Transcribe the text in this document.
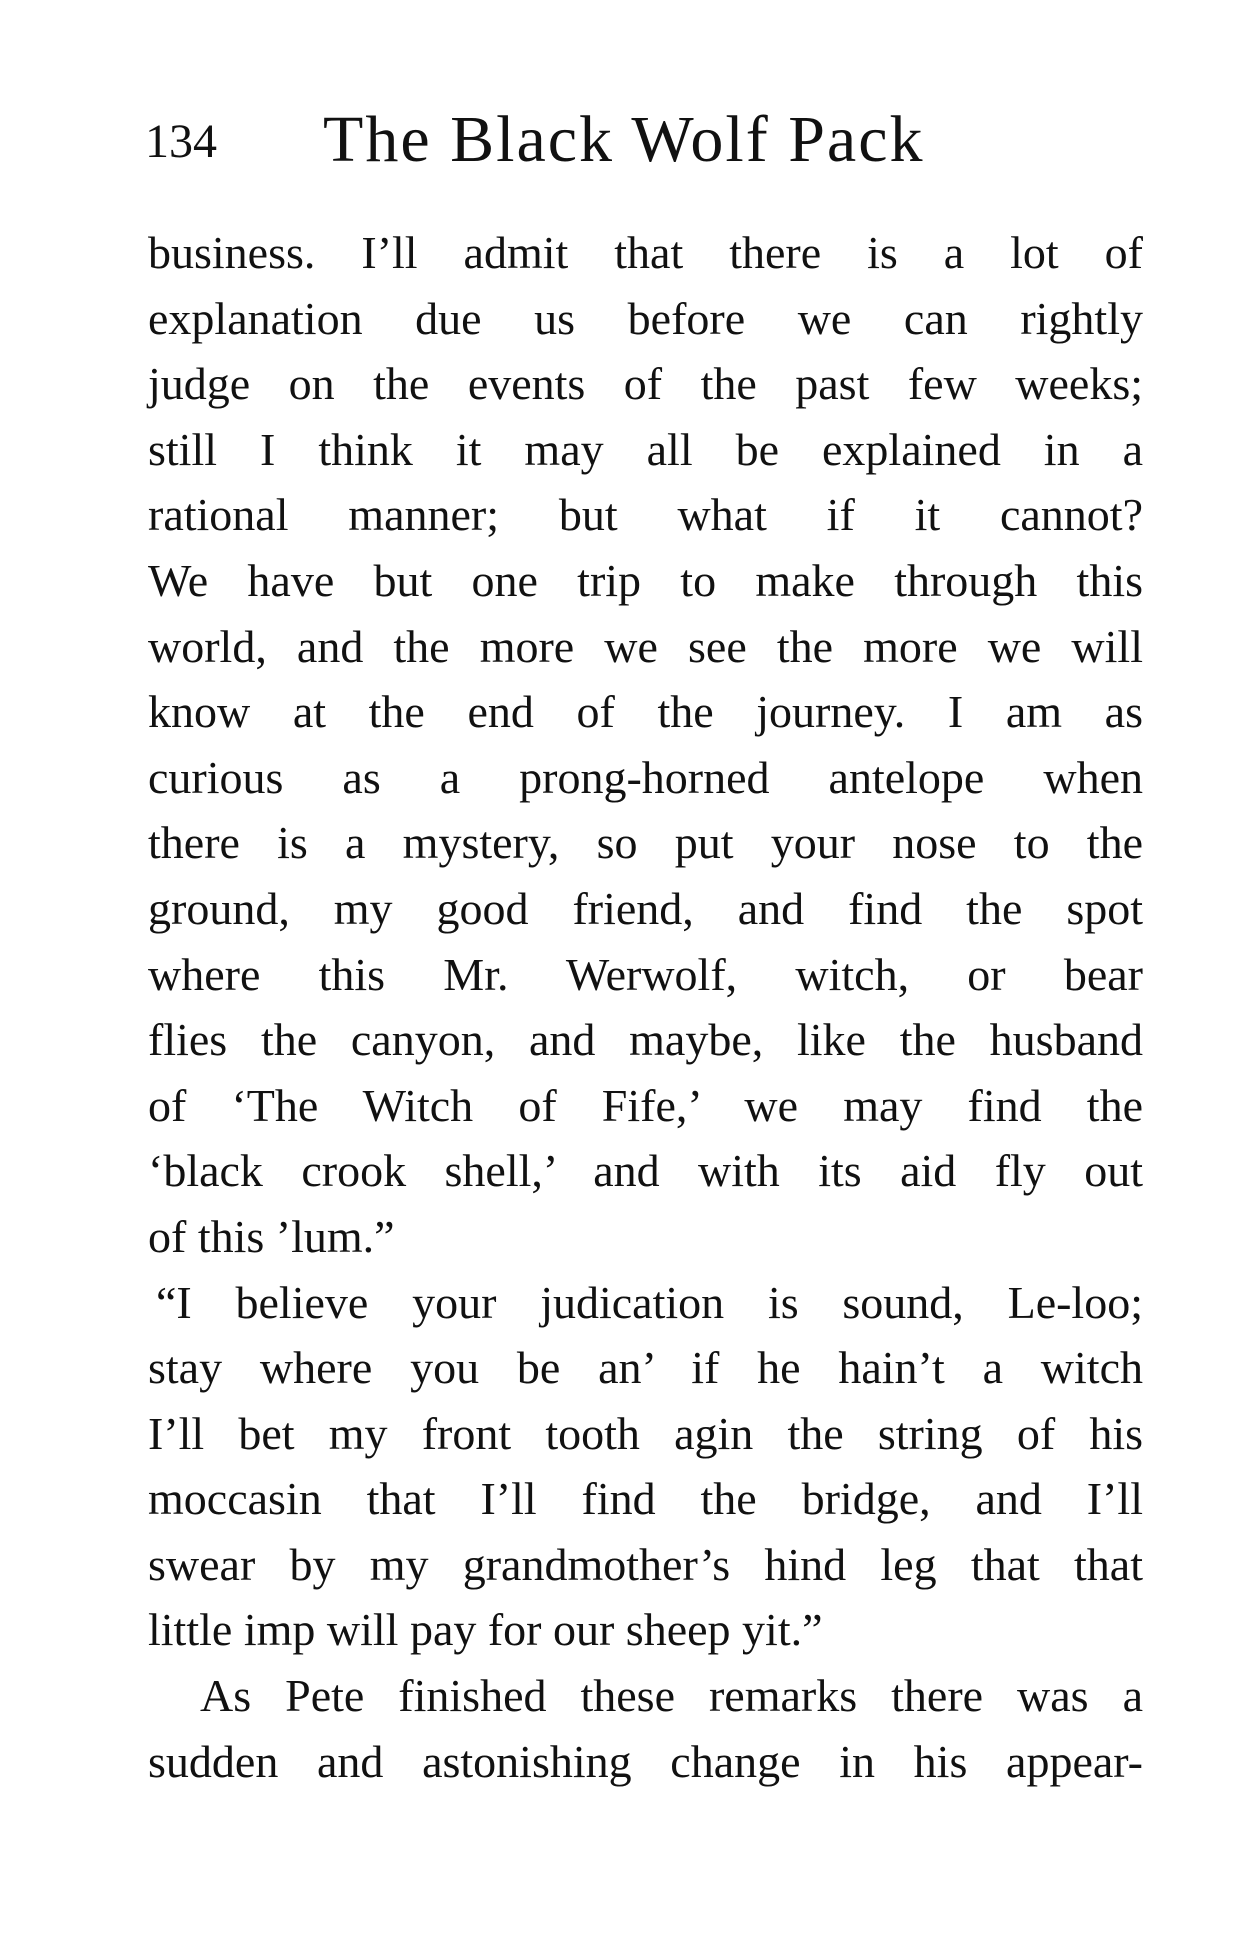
134 The Black Wolf Pack
business. I’ll admit that there is a lot of
explanation due us before we can rightly
judge on the events of the past few weeks;
still I think it may all be explained in a
rational manner; but what if it cannot?
We have but one trip to make through this
world, and the more we see the more we will
know at the end of the journey. I am as
curious as a prong-horned antelope when
there is a mystery, so put your nose to the
ground, my good friend, and find the spot
where this Mr. Werwolf, witch, or bear
flies the canyon, and maybe, like the husband
of ‘The Witch of Fife,’ we may find the
‘black crook shell,’ and with its aid fly out
of this ’lum.”
“I believe your judication is sound, Le-loo;
stay where you be an’ if he hain’t a witch
I’ll bet my front tooth agin the string of his
moccasin that I’ll find the bridge, and I’ll
swear by my grandmother’s hind leg that that
little imp will pay for our sheep yit.”
As Pete finished these remarks there was a
sudden and astonishing change in his appear-
